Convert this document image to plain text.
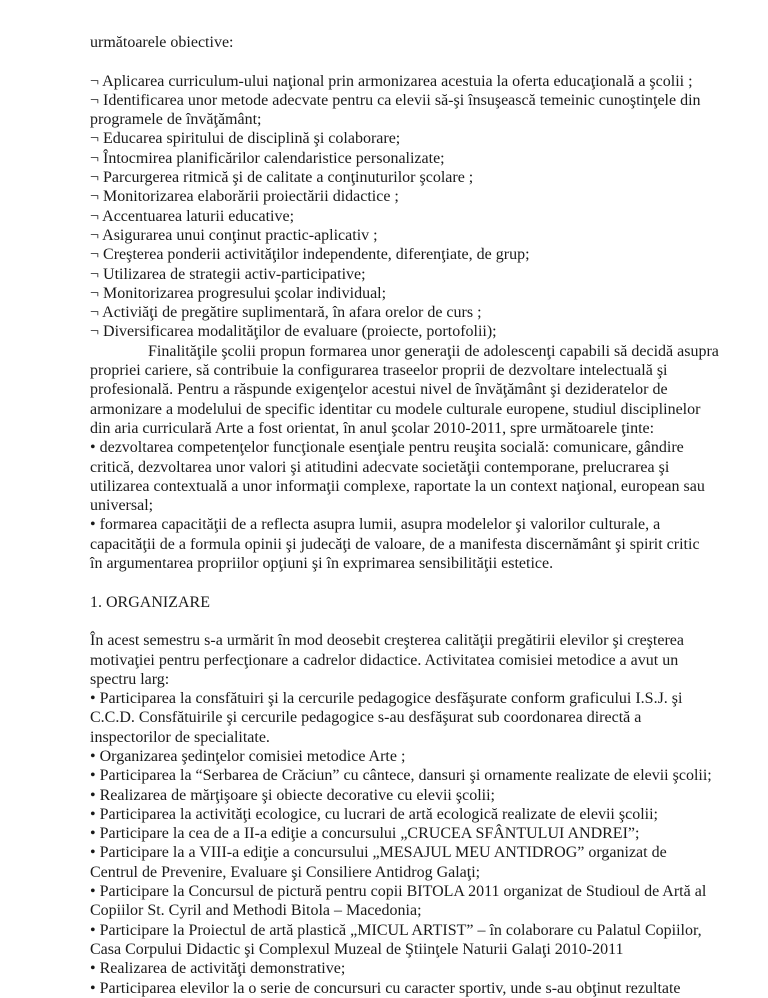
următoarele obiective:
¬ Aplicarea curriculum-ului naţional prin armonizarea acestuia la oferta educaţională a şcolii ;
¬ Identificarea unor metode adecvate pentru ca elevii să-şi însuşească temeinic cunoştinţele din
programele de învăţământ;
¬ Educarea spiritului de disciplină şi colaborare;
¬ Întocmirea planificărilor calendaristice personalizate;
¬ Parcurgerea ritmică şi de calitate a conţinuturilor şcolare ;
¬ Monitorizarea elaborării proiectării didactice ;
¬ Accentuarea laturii educative;
¬ Asigurarea unui conţinut practic-aplicativ ;
¬ Creşterea ponderii activităţilor independente, diferenţiate, de grup;
¬ Utilizarea de strategii activ-participative;
¬ Monitorizarea progresului şcolar individual;
¬ Activiăţi de pregătire suplimentară, în afara orelor de curs ;
¬ Diversificarea modalităţilor de evaluare (proiecte, portofolii);
Finalităţile şcolii propun formarea unor generaţii de adolescenţi capabili să decidă asupra
propriei cariere, să contribuie la configurarea traseelor proprii de dezvoltare intelectuală şi
profesională. Pentru a răspunde exigenţelor acestui nivel de învăţământ şi dezideratelor de
armonizare a modelului de specific identitar cu modele culturale europene, studiul disciplinelor
din aria curriculară Arte a fost orientat, în anul şcolar 2010-2011, spre următoarele ţinte:
• dezvoltarea competenţelor funcţionale esenţiale pentru reuşita socială: comunicare, gândire
critică, dezvoltarea unor valori şi atitudini adecvate societăţii contemporane, prelucrarea şi
utilizarea contextuală a unor informaţii complexe, raportate la un context naţional, european sau
universal;
• formarea capacităţii de a reflecta asupra lumii, asupra modelelor şi valorilor culturale, a
capacităţii de a formula opinii şi judecăţi de valoare, de a manifesta discernământ şi spirit critic
în argumentarea propriilor opţiuni şi în exprimarea sensibilităţii estetice.
1. ORGANIZARE
În acest semestru s-a urmărit în mod deosebit creşterea calităţii pregătirii elevilor şi creşterea
motivaţiei pentru perfecţionare a cadrelor didactice. Activitatea comisiei metodice a avut un
spectru larg:
• Participarea la consfătuiri şi la cercurile pedagogice desfăşurate conform graficului I.S.J. şi
C.C.D. Consfătuirile şi cercurile pedagogice s-au desfăşurat sub coordonarea directă a
inspectorilor de specialitate.
• Organizarea şedinţelor comisiei metodice Arte ;
• Participarea la “Serbarea de Crăciun” cu cântece, dansuri şi ornamente realizate de elevii şcolii;
• Realizarea de mărţişoare şi obiecte decorative cu elevii şcolii;
• Participarea la activităţi ecologice, cu lucrari de artă ecologică realizate de elevii şcolii;
• Participare la cea de a II-a ediţie a concursului „CRUCEA SFÂNTULUI ANDREI”;
• Participare la a VIII-a ediţie a concursului „MESAJUL MEU ANTIDROG” organizat de
Centrul de Prevenire, Evaluare şi Consiliere Antidrog Galaţi;
• Participare la Concursul de pictură pentru copii BITOLA 2011 organizat de Studioul de Artă al
Copiilor St. Cyril and Methodi Bitola – Macedonia;
• Participare la Proiectul de artă plastică „MICUL ARTIST” – în colaborare cu Palatul Copiilor,
Casa Corpului Didactic şi Complexul Muzeal de Ştiinţele Naturii Galaţi 2010-2011
• Realizarea de activităţi demonstrative;
• Participarea elevilor la o serie de concursuri cu caracter sportiv, unde s-au obţinut rezultate
